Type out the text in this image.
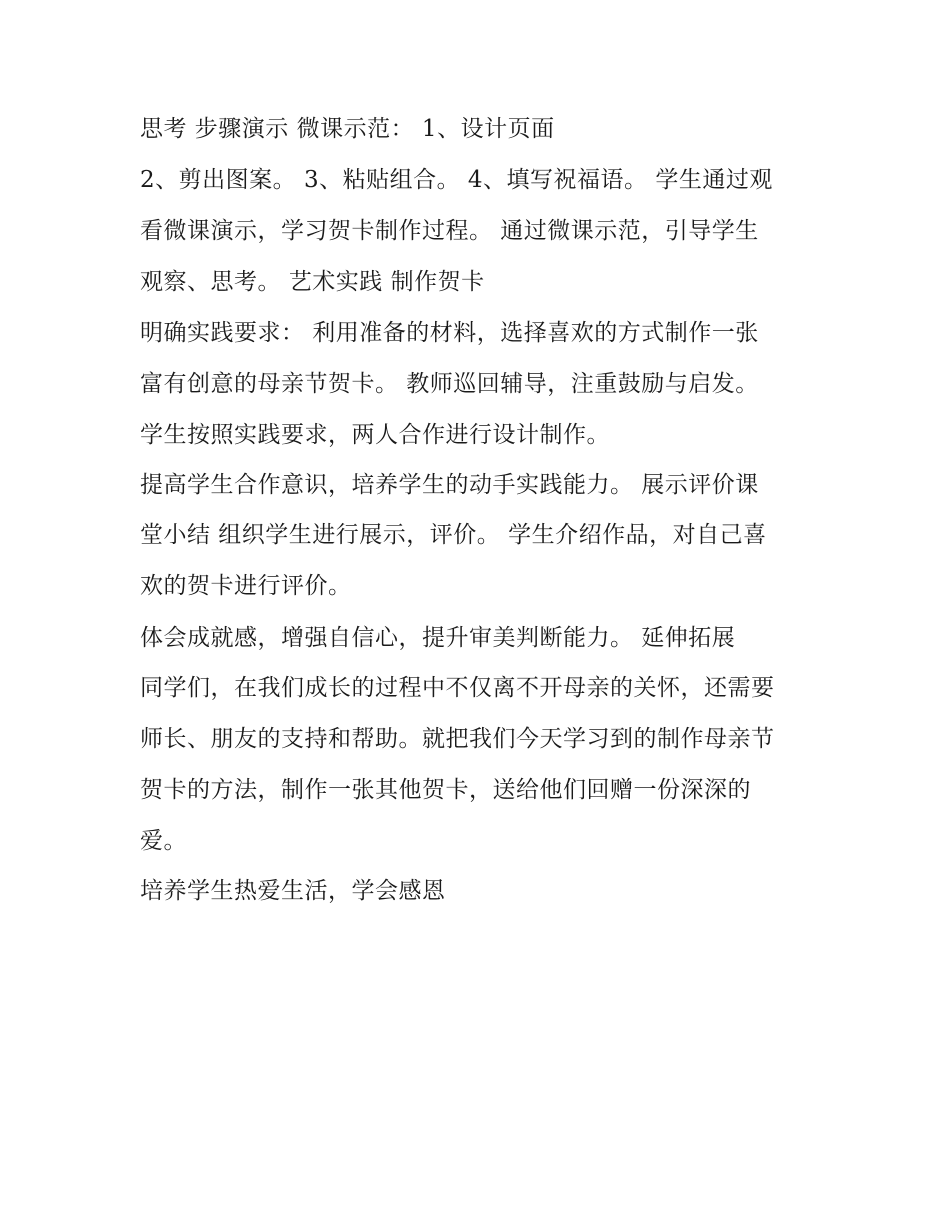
思考 步骤演示 微课示范： 1、设计页面
2、剪出图案。 3、粘贴组合。 4、填写祝福语。 学生通过观
看微课演示，学习贺卡制作过程。 通过微课示范，引导学生
观察、思考。 艺术实践 制作贺卡
明确实践要求： 利用准备的材料，选择喜欢的方式制作一张
富有创意的母亲节贺卡。 教师巡回辅导，注重鼓励与启发。
学生按照实践要求，两人合作进行设计制作。
提高学生合作意识，培养学生的动手实践能力。 展示评价课
堂小结 组织学生进行展示，评价。 学生介绍作品，对自己喜
欢的贺卡进行评价。
体会成就感，增强自信心，提升审美判断能力。 延伸拓展
同学们，在我们成长的过程中不仅离不开母亲的关怀，还需要
师长、朋友的支持和帮助。就把我们今天学习到的制作母亲节
贺卡的方法，制作一张其他贺卡，送给他们回赠一份深深的
爱。
培养学生热爱生活，学会感恩
